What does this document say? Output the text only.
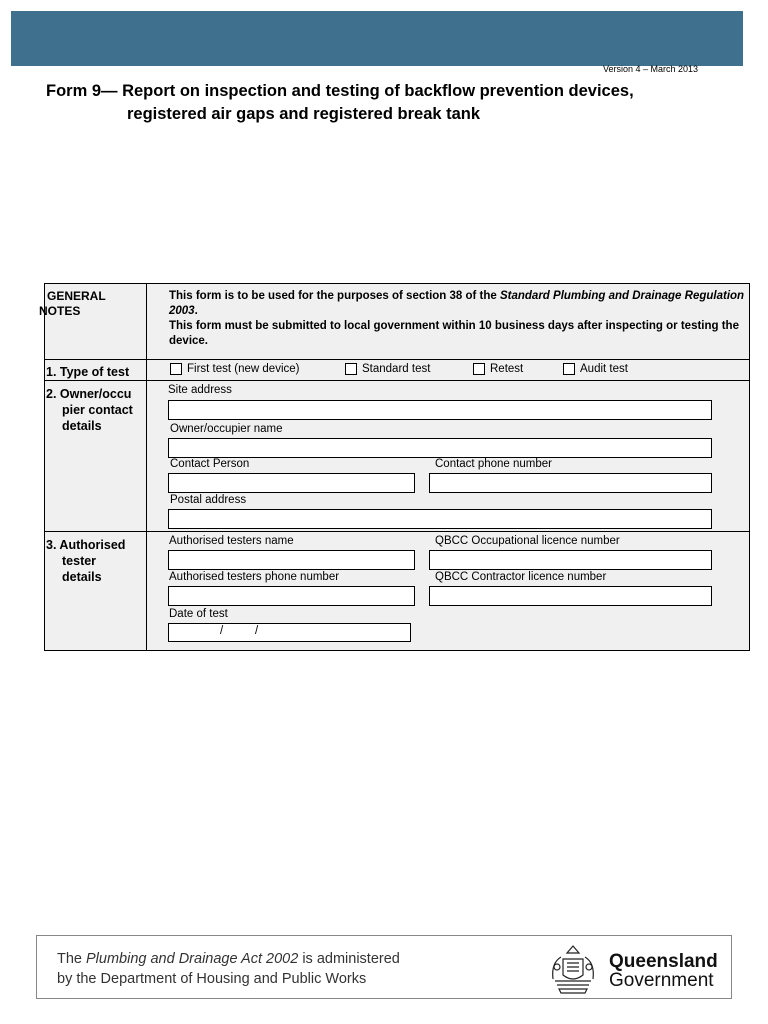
Version 4 – March 2013
Form 9— Report on inspection and testing of backflow prevention devices,
registered air gaps and registered break tank
GENERAL
NOTES
This form is to be used for the purposes of section 38 of the Standard Plumbing and Drainage Regulation 2003.
This form must be submitted to local government within 10 business days after inspecting or testing the device.
1. Type of test	First test (new device)	Standard test	Retest	Audit test
2. Owner/occu
pier contact
details
Site address
Owner/occupier name
Contact Person	Contact phone number
Postal address
3. Authorised
tester
details
Authorised testers name	QBCC Occupational licence number
Authorised testers phone number	QBCC Contractor licence number
Date of test
/	/
The Plumbing and Drainage Act 2002 is administered
by the Department of Housing and Public Works
Queensland
Government
